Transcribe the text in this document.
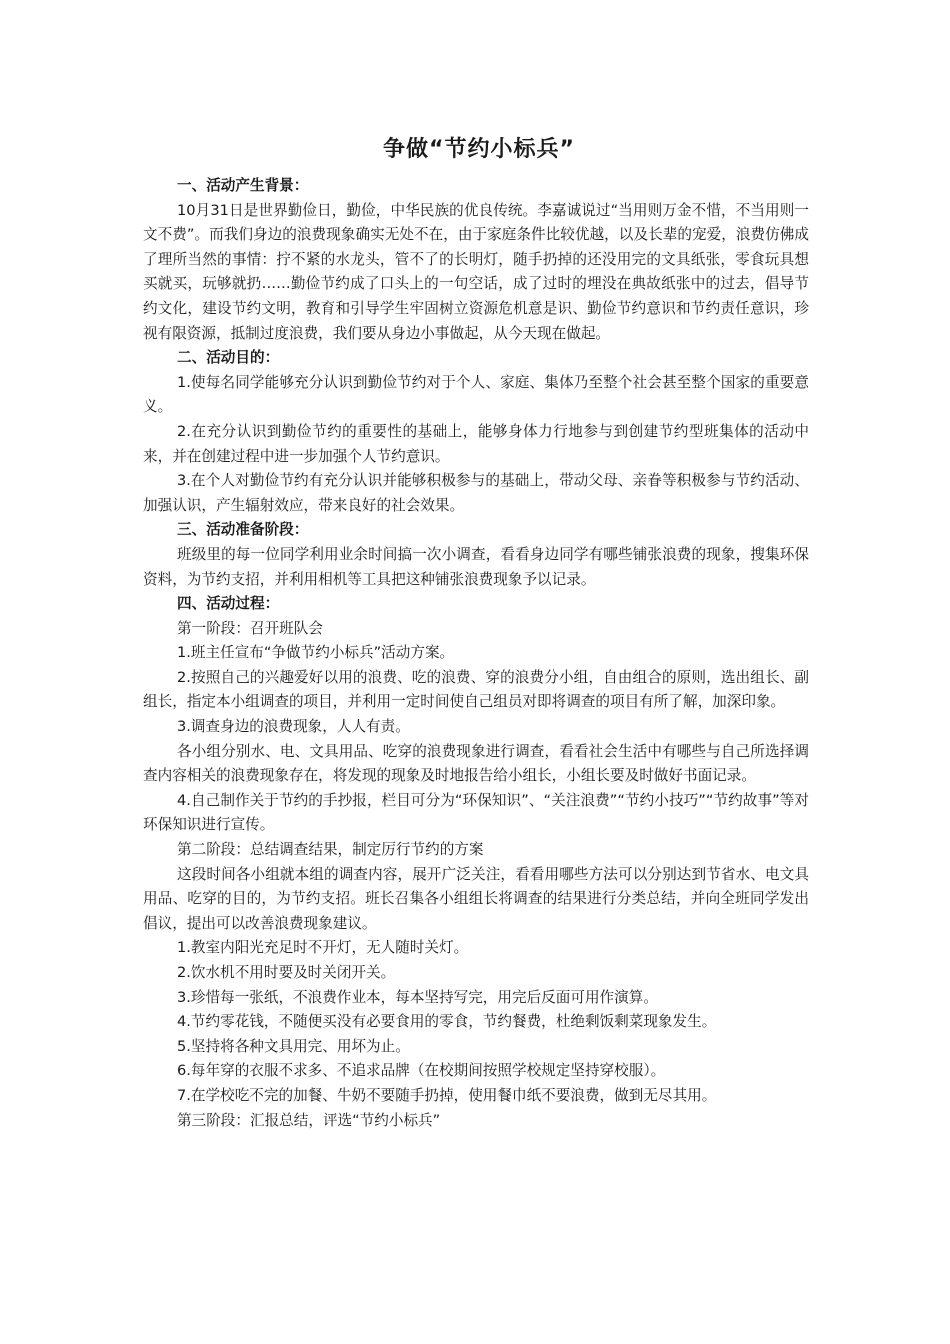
争做“节约小标兵”

一、活动产生背景：

10月31日是世界勤俭日，勤俭，中华民族的优良传统。李嘉诚说过“当用则万金不惜，不当用则一文不费”。而我们身边的浪费现象确实无处不在，由于家庭条件比较优越，以及长辈的宠爱，浪费仿佛成了理所当然的事情：拧不紧的水龙头，管不了的长明灯，随手扔掉的还没用完的文具纸张，零食玩具想买就买，玩够就扔……勤俭节约成了口头上的一句空话，成了过时的埋没在典故纸张中的过去，倡导节约文化，建设节约文明，教育和引导学生牢固树立资源危机意是识、勤俭节约意识和节约责任意识，珍视有限资源，抵制过度浪费，我们要从身边小事做起，从今天现在做起。

二、活动目的：

1.使每名同学能够充分认识到勤俭节约对于个人、家庭、集体乃至整个社会甚至整个国家的重要意义。

2.在充分认识到勤俭节约的重要性的基础上，能够身体力行地参与到创建节约型班集体的活动中来，并在创建过程中进一步加强个人节约意识。

3.在个人对勤俭节约有充分认识并能够积极参与的基础上，带动父母、亲眷等积极参与节约活动、加强认识，产生辐射效应，带来良好的社会效果。

三、活动准备阶段：

班级里的每一位同学利用业余时间搞一次小调查，看看身边同学有哪些铺张浪费的现象，搜集环保资料，为节约支招，并利用相机等工具把这种铺张浪费现象予以记录。

四、活动过程：

第一阶段：召开班队会

1.班主任宣布“争做节约小标兵”活动方案。

2.按照自己的兴趣爱好以用的浪费、吃的浪费、穿的浪费分小组，自由组合的原则，选出组长、副组长，指定本小组调查的项目，并利用一定时间使自己组员对即将调查的项目有所了解，加深印象。

3.调查身边的浪费现象，人人有责。

各小组分别水、电、文具用品、吃穿的浪费现象进行调查，看看社会生活中有哪些与自己所选择调查内容相关的浪费现象存在，将发现的现象及时地报告给小组长，小组长要及时做好书面记录。

4.自己制作关于节约的手抄报，栏目可分为“环保知识”、“关注浪费”“节约小技巧”“节约故事”等对环保知识进行宣传。

第二阶段：总结调查结果，制定厉行节约的方案

这段时间各小组就本组的调查内容，展开广泛关注，看看用哪些方法可以分别达到节省水、电文具用品、吃穿的目的，为节约支招。班长召集各小组组长将调查的结果进行分类总结，并向全班同学发出倡议，提出可以改善浪费现象建议。

1.教室内阳光充足时不开灯，无人随时关灯。

2.饮水机不用时要及时关闭开关。

3.珍惜每一张纸，不浪费作业本，每本坚持写完，用完后反面可用作演算。

4.节约零花钱，不随便买没有必要食用的零食，节约餐费，杜绝剩饭剩菜现象发生。

5.坚持将各种文具用完、用坏为止。

6.每年穿的衣服不求多、不追求品牌（在校期间按照学校规定坚持穿校服）。

7.在学校吃不完的加餐、牛奶不要随手扔掉，使用餐巾纸不要浪费，做到无尽其用。

第三阶段：汇报总结，评选“节约小标兵”
